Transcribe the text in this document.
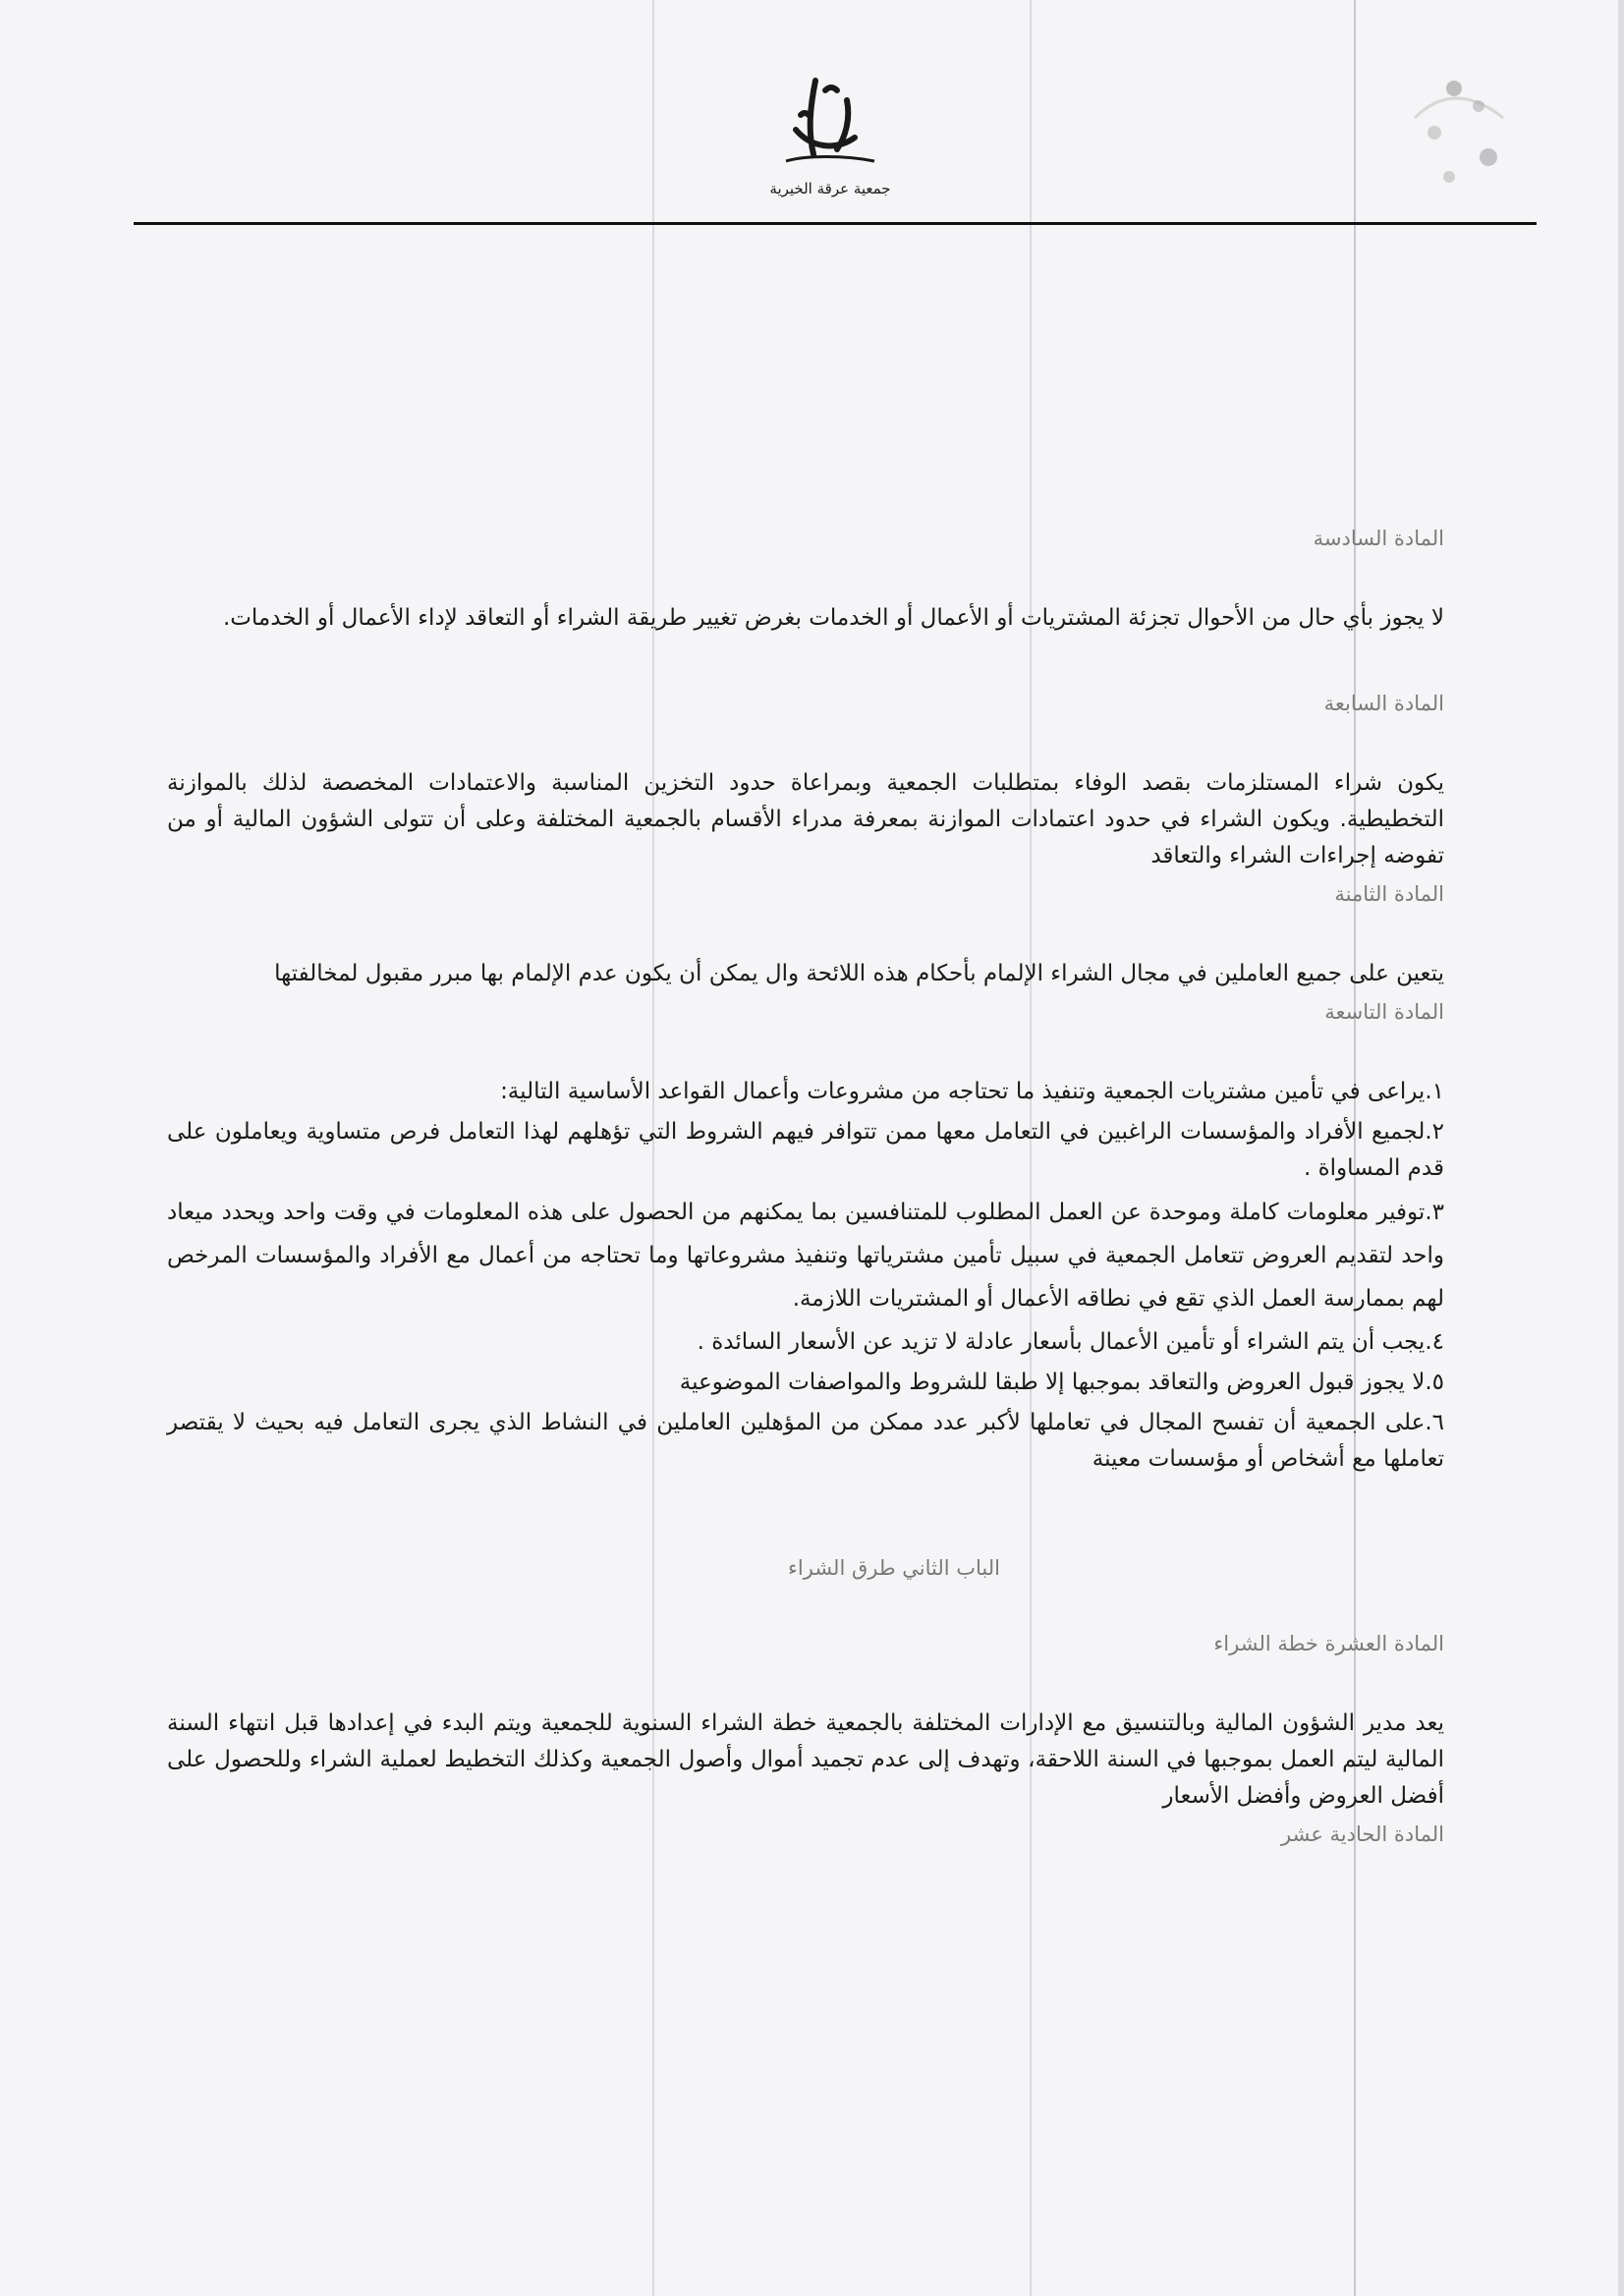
جمعية عرقة الخيرية
المادة السادسة

لا يجوز بأي حال من الأحوال تجزئة المشتريات أو الأعمال أو الخدمات بغرض تغيير طريقة الشراء أو التعاقد لإداء الأعمال أو الخدمات.

المادة السابعة

يكون شراء المستلزمات بقصد الوفاء بمتطلبات الجمعية وبمراعاة حدود التخزين المناسبة والاعتمادات المخصصة لذلك بالموازنة التخطيطية. ويكون الشراء في حدود اعتمادات الموازنة بمعرفة مدراء الأقسام بالجمعية المختلفة وعلى أن تتولى الشؤون المالية أو من تفوضه إجراءات الشراء والتعاقد

المادة الثامنة

يتعين على جميع العاملين في مجال الشراء الإلمام بأحكام هذه اللائحة وال يمكن أن يكون عدم الإلمام بها مبرر مقبول لمخالفتها

المادة التاسعة

١.يراعى في تأمين مشتريات الجمعية وتنفيذ ما تحتاجه من مشروعات وأعمال القواعد الأساسية التالية:

٢.لجميع الأفراد والمؤسسات الراغبين في التعامل معها ممن تتوافر فيهم الشروط التي تؤهلهم لهذا التعامل فرص متساوية ويعاملون على قدم المساواة .

٣.توفير معلومات كاملة وموحدة عن العمل المطلوب للمتنافسين بما يمكنهم من الحصول على هذه المعلومات في وقت واحد ويحدد ميعاد واحد لتقديم العروض تتعامل الجمعية في سبيل تأمين مشترياتها وتنفيذ مشروعاتها وما تحتاجه من أعمال مع الأفراد والمؤسسات المرخص لهم بممارسة العمل الذي تقع في نطاقه الأعمال أو المشتريات اللازمة.

٤.يجب أن يتم الشراء أو تأمين الأعمال بأسعار عادلة لا تزيد عن الأسعار السائدة .

٥.لا يجوز قبول العروض والتعاقد بموجبها إلا طبقا للشروط والمواصفات الموضوعية

٦.على الجمعية أن تفسح المجال في تعاملها لأكبر عدد ممكن من المؤهلين العاملين في النشاط الذي يجرى التعامل فيه بحيث لا يقتصر تعاملها مع أشخاص أو مؤسسات معينة

الباب الثاني طرق الشراء
المادة العشرة خطة الشراء

يعد مدير الشؤون المالية وبالتنسيق مع الإدارات المختلفة بالجمعية خطة الشراء السنوية للجمعية ويتم البدء في إعدادها قبل انتهاء السنة المالية ليتم العمل بموجبها في السنة اللاحقة، وتهدف إلى عدم تجميد أموال وأصول الجمعية وكذلك التخطيط لعملية الشراء وللحصول على أفضل العروض وأفضل الأسعار

المادة الحادية عشر
